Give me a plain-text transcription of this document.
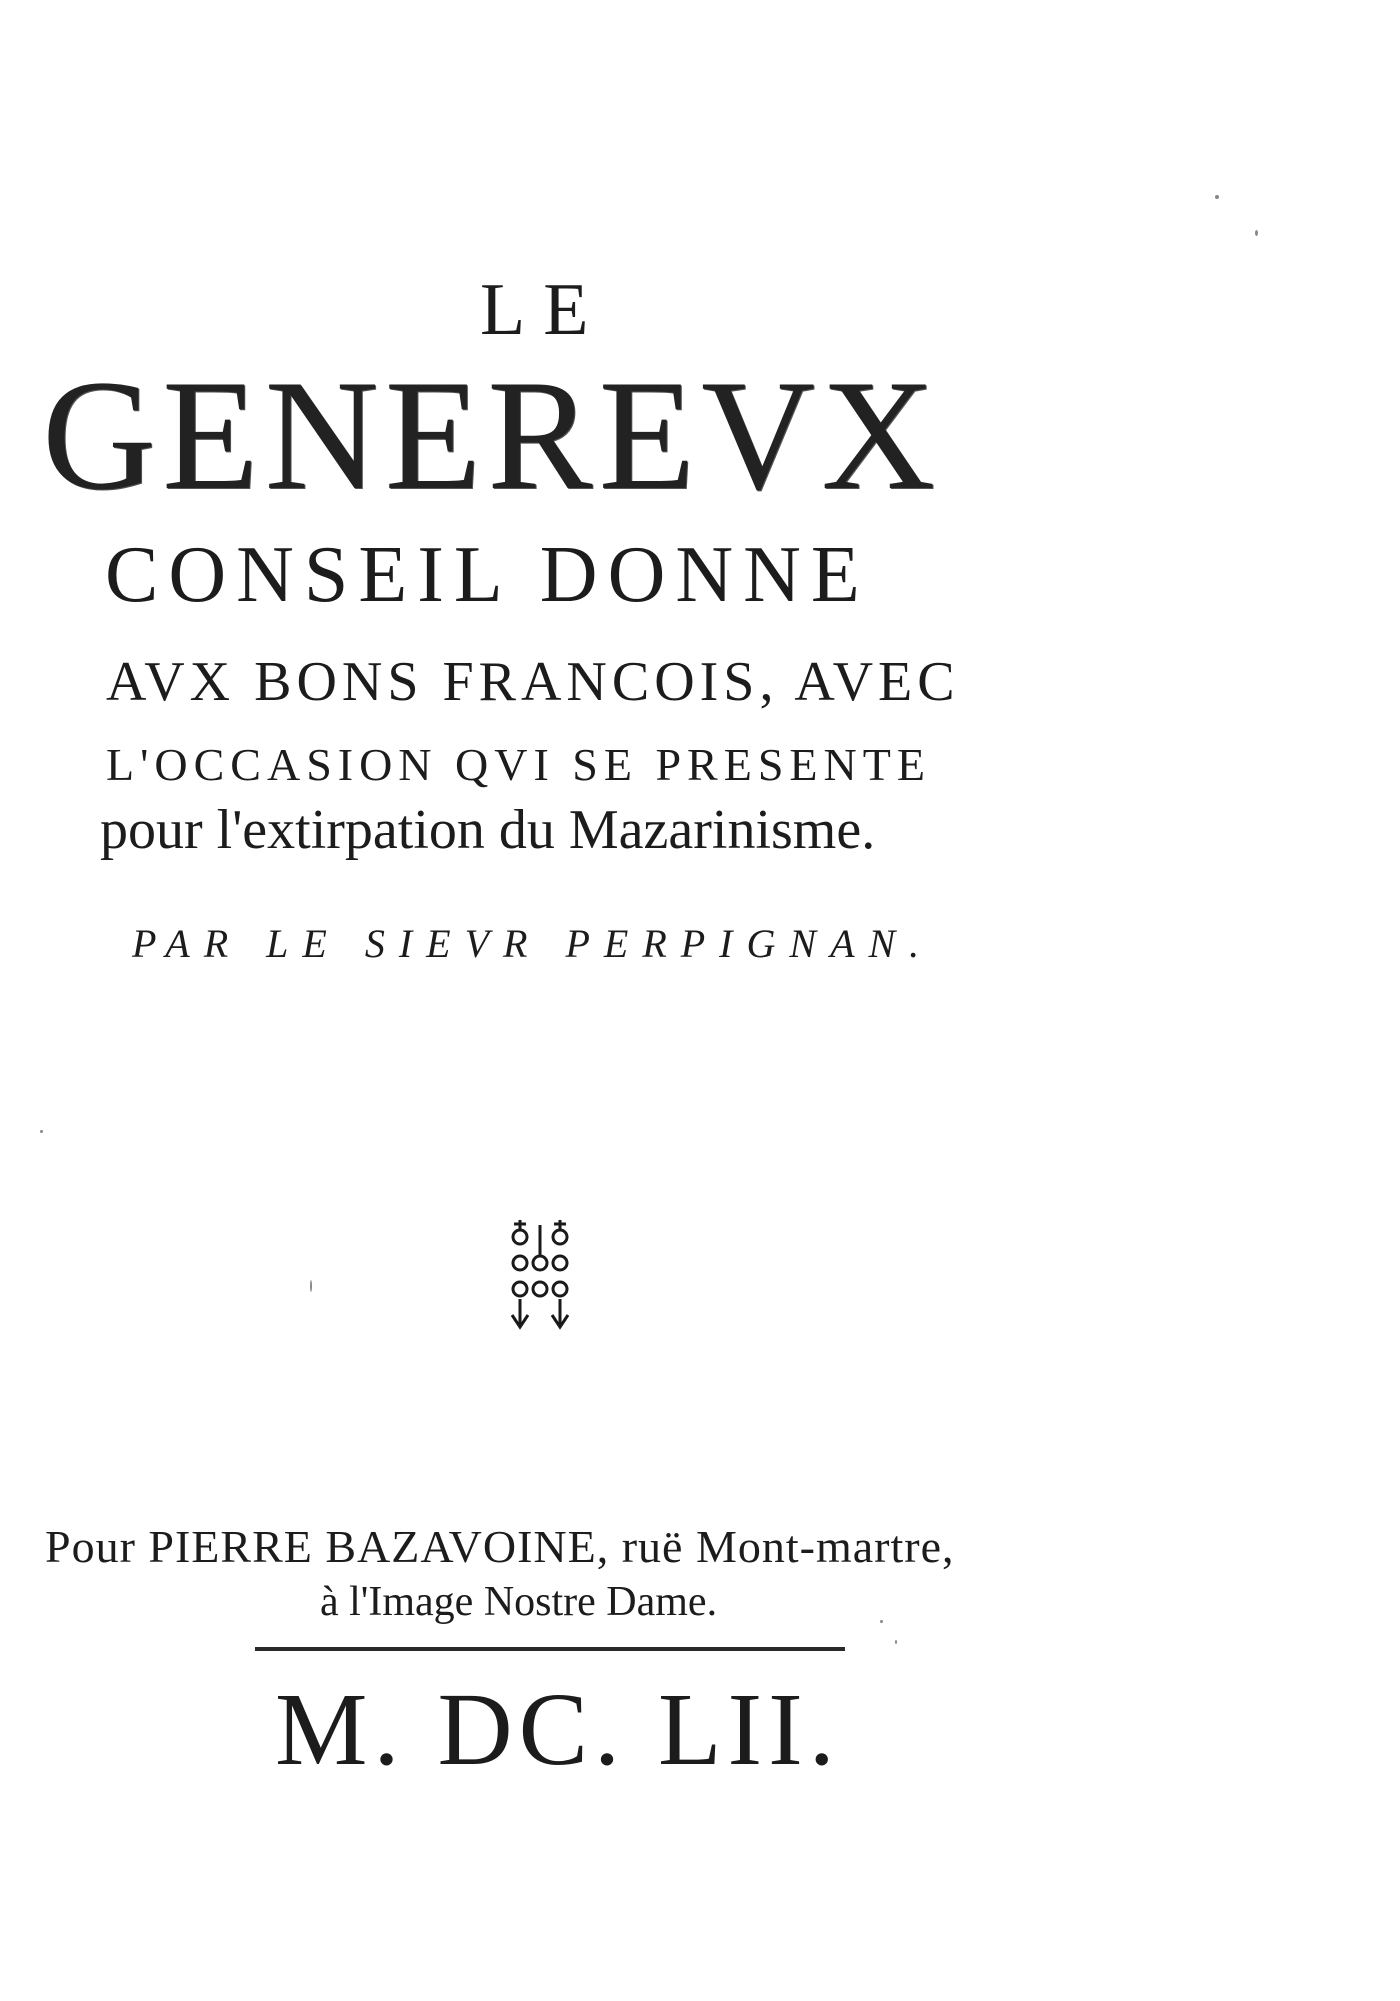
LE
GENEREVX
CONSEIL DONNE
AVX BONS FRANCOIS, AVEC
L'OCCASION QVI SE PRESENTE
pour l'extirpation du Mazarinisme.
PAR LE SIEVR PERPIGNAN.
Pour PIERRE BAZAVOINE, ruë Mont-martre,
à l'Image Nostre Dame.
M. DC. LII.
